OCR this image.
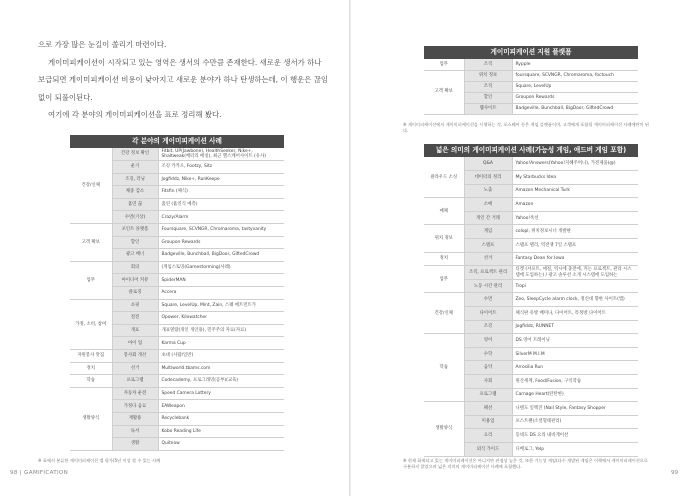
으로 가장 많은 눈길이 쏠리기 마련이다.

게이미피케이션이 시작되고 있는 영역은 생서의 수만큼 존재한다. 새로운 생서가 하나 보급되면 게이미피케이션 비용이 낮아지고 새로운 분야가 하나 탄생하는데, 이 행운은 끊임없이 되풀이된다.

여기에 각 분야의 게이미피케이션을 표로 정리해 봤다.

각 분야의 게이미피케이션 사례
건강/신체	건강 정보 확인	Fitbit, UP(Jawbone), HealthSeeker, Nike+, Shaltweak(배터리 매칭), 최근 헬스케어사이트 (유사)
	운기	조깅 카카오, Footzy, Sitz
	조깅, 러닝	Jogfiddz, Nike+, RunKeepe
	체중 감소	Fitsfin (체식)
	흡연 끊	흡연 (흡연식 예측)
	수면(기상)	Crazy/Alarm
고객 확보	포인트 플랫폼	Foursquare, SCVNGR, Chromaroma, tastyvanity
	할인	Groupon Rewards
	광고 배너	Badgeville, Bunchball, BigDoor, GiftedCrowd
업무	회의	(게임스토밍(Gamestorming)사례)
	아이디어 커뮤	SpiderMAN
	클로징	Accera
가정, 소비, 참여	쇼핑	Square, LevelUp, Mint, Zain, 스퀘 매트먼트가
	절전	Opower, Kilowatcher
	개표	개표열람(개인 개인용), 민주주의 자료(자료)
	아이 업	Karma Cup
자원봉사 맛집	봉사회 개선	초대 (사람/일반)
정치	선거	Multiworld.tbams.com
학습	프로그램	Codecademy, 프로그래밍(공부)(교육)
생활양식	자동차 운전	Speed Camera Lottery
	가정다 음료	EAWeapon
	재활용	Recyclebank
	독서	Kobo Reading Life
	생활	Quitnow
※ 표에서 분류한 게이미피케이션 앱 평가(5년 이상 할 수 있는 사례
98 | GAMIFICATION
게이미피케이션 지원 플랫폼
업무	조직	Rypple
고객 확보	위치 정보	foursquare, SCVNGR, Chromaroma, foctouch
	조직	Square, LevelUp
	할인	Groupon Rewards
	웹사이트	Badgeville, Bunchball, BigDoor, GiftedCrowd
※ 게이미피케이션에서 게이미피케이션을 시행하는 것, 포스웨어 등은 게임 플랫폼이며, 고객에게 포함될 게이미피케이션 사례에만이 된다.
넓은 의미의 게이미피케이션 사례(가능성 게임, 애드버 게임 포함)
클라우드 소싱	Q&A	Yahoo!Answers(Yahoo!지혜주머니), 가전제품(@)
	데이터의 정리	My Starbucks Idea
	노출	Amazon Mechanical Turk
매체	소매	Amazon
	개인 간 거래	Yahoo!옥션
위치 정보	게임	colopl, 위치정보시너 개발판
	스탬프	스탬프 랠리, 역전쟁 7일 스탬프
정치	선거	Fantasy Dean for Iowa
업무	조직, 프로젝트 관리	티켓 (서포트, 애질, 역시에 충전에, 커는 프로젝트, 관리 시스템에 도입하는) / 광고 솔루션 소개 시스템에 도입하는
	노동 시간 관리	Tropi
건강/신체	수면	Zeo, SleepCycle alarm clock, 정신대 향한 사이트(앱)
	다이어트	체식판 유방 배미나, 다이어트, 특정방 다이어트
	조깅	Jogfiddz, RUNNET
학습	영어	DS 영어 트레이닝
	수학	SilverM M.I.M
	음악	Arrosilia Run
	사회	원산세계, Food/Fusion, 구익학습
	프로그램	Carnage Heart(탄탄한)
생활양식	패션	니텐도 일렉진 (Nail Style, Fantasy Shopper
	미용업	포스트팬(소셜형태관리)
	요리	동네도 DS 요리 내비게이션
	외식 가이드	디베로그, Yelp
※ 현재 화제되고 있는 게이미피케이션은 아니지만 관점상 높은 것, 또한 기능성 게임(다수 개발된 게임은 이책에서 게이미피케이션으로 구분하지 않았으며 넓은 의미의 게이미피케이션 사례에 포함했다.
99
